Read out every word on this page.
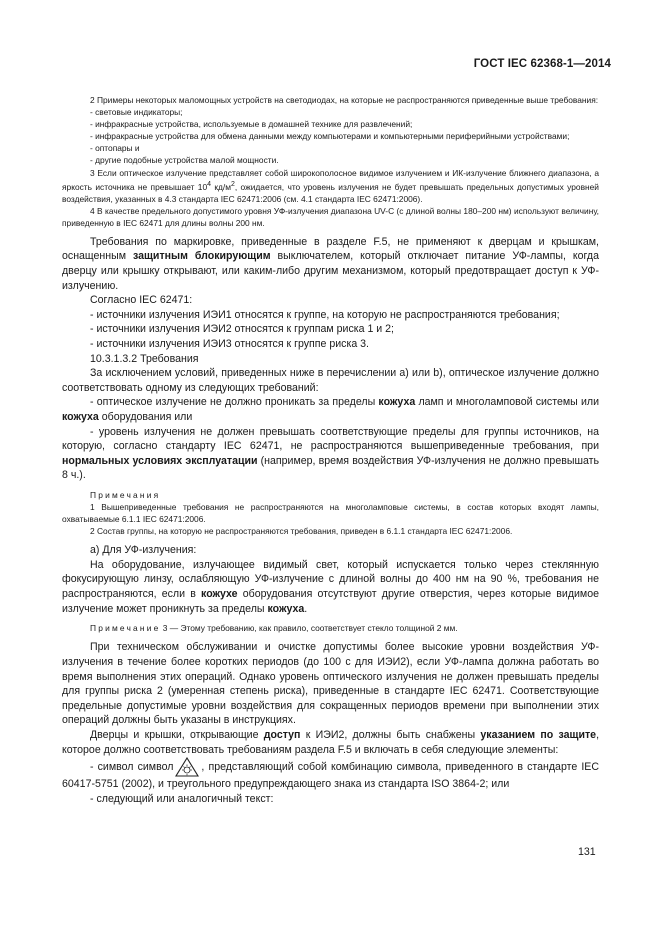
ГОСТ IEC 62368-1—2014

2 Примеры некоторых маломощных устройств на светодиодах, на которые не распространяются приведенные выше требования:

- световые индикаторы;

- инфракрасные устройства, используемые в домашней технике для развлечений;

- инфракрасные устройства для обмена данными между компьютерами и компьютерными периферийными устройствами;

- оптопары и

- другие подобные устройства малой мощности.

3 Если оптическое излучение представляет собой широкополосное видимое излучением и ИК-излучение ближнего диапазона, а яркость источника не превышает $10^4$ $кд/м^2$, ожидается, что уровень излучения не будет превышать предельных допустимых уровней воздействия, указанных в 4.3 стандарта IEC 62471:2006 (см. 4.1 стандарта IEC 62471:2006).

4 В качестве предельного допустимого уровня УФ-излучения диапазона UV-C (с длиной волны 180–200 нм) используют величину, приведенную в IEC 62471 для длины волны 200 нм.

Требования по маркировке, приведенные в разделе F.5, не применяют к дверцам и крышкам, оснащенным защитным блокирующим выключателем, который отключает питание УФ-лампы, когда дверцу или крышку открывают, или каким-либо другим механизмом, который предотвращает доступ к УФ-излучению.

Согласно IEC 62471:

- источники излучения ИЭИ1 относятся к группе, на которую не распространяются требования;

- источники излучения ИЭИ2 относятся к группам риска 1 и 2;

- источники излучения ИЭИ3 относятся к группе риска 3.

10.3.1.3.2 Требования

За исключением условий, приведенных ниже в перечислении а) или b), оптическое излучение должно соответствовать одному из следующих требований:

- оптическое излучение не должно проникать за пределы кожуха ламп и многоламповой системы или кожуха оборудования или

- уровень излучения не должен превышать соответствующие пределы для группы источников, на которую, согласно стандарту IEC 62471, не распространяются вышеприведенные требования, при нормальных условиях эксплуатации (например, время воздействия УФ-излучения не должно превышать 8 ч.).

Примечания

1 Вышеприведенные требования не распространяются на многоламповые системы, в состав которых входят лампы, охватываемые 6.1.1 IEC 62471:2006.

2 Состав группы, на которую не распространяются требования, приведен в 6.1.1 стандарта IEC 62471:2006.

а) Для УФ-излучения:

На оборудование, излучающее видимый свет, который испускается только через стеклянную фокусирующую линзу, ослабляющую УФ-излучение с длиной волны до 400 нм на 90 %, требования не распространяются, если в кожухе оборудования отсутствуют другие отверстия, через которые видимое излучение может проникнуть за пределы кожуха.

Примечание 3 — Этому требованию, как правило, соответствует стекло толщиной 2 мм.

При техническом обслуживании и очистке допустимы более высокие уровни воздействия УФ-излучения в течение более коротких периодов (до 100 с для ИЭИ2), если УФ-лампа должна работать во время выполнения этих операций. Однако уровень оптического излучения не должен превышать пределы для группы риска 2 (умеренная степень риска), приведенные в стандарте IEC 62471. Соответствующие предельные допустимые уровни воздействия для сокращенных периодов времени при выполнении этих операций должны быть указаны в инструкциях.

Дверцы и крышки, открывающие доступ к ИЭИ2, должны быть снабжены указанием по защите, которое должно соответствовать требованиям раздела F.5 и включать в себя следующие элементы:

- символ символ	, представляющий собой комбинацию символа, приведенного в стандарте IEC 60417-5751 (2002), и треугольного предупреждающего знака из стандарта ISO 3864-2; или

- следующий или аналогичный текст:

131
